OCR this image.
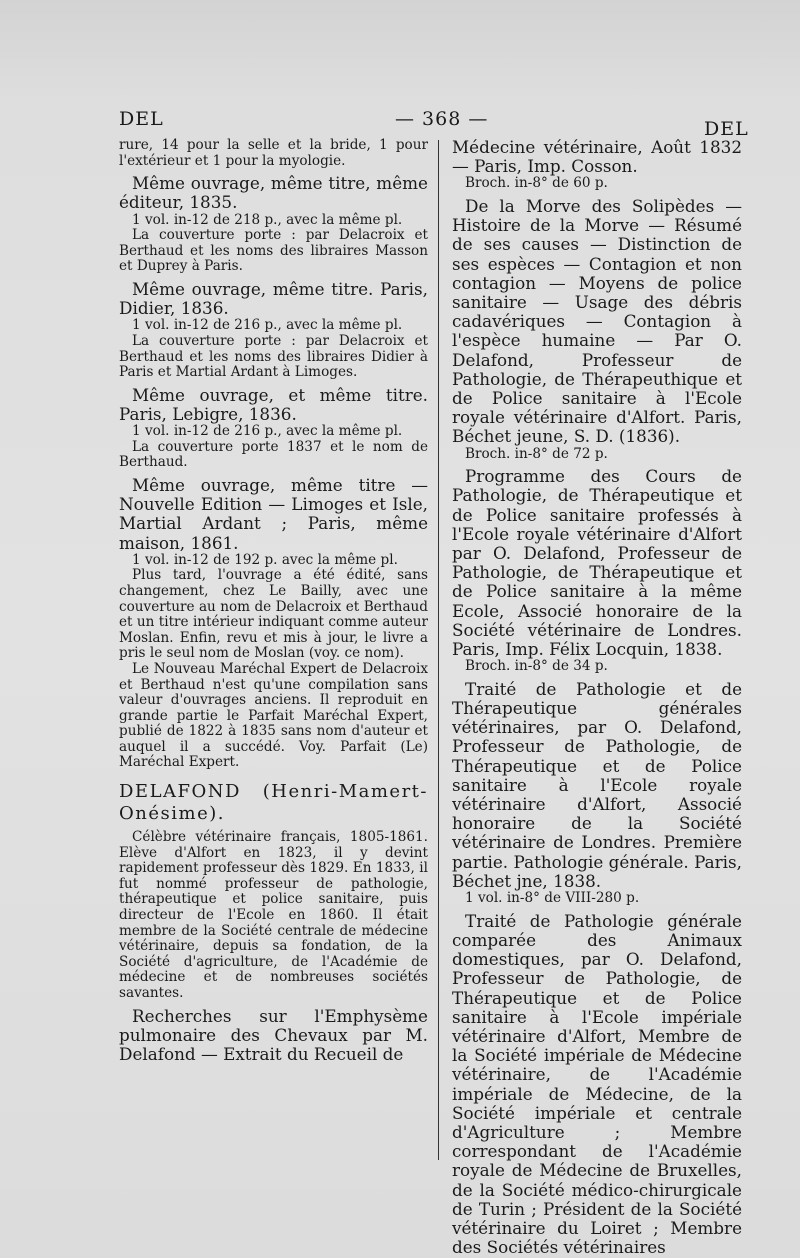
DEL	— 368 —	DEL

rure, 14 pour la selle et la bride, 1 pour l'extérieur et 1 pour la myologie.

Même ouvrage, même titre, même éditeur, 1835.

1 vol. in-12 de 218 p., avec la même pl.

La couverture porte : par Delacroix et Berthaud et les noms des libraires Masson et Duprey à Paris.

Même ouvrage, même titre. Paris, Didier, 1836.

1 vol. in-12 de 216 p., avec la même pl.

La couverture porte : par Delacroix et Berthaud et les noms des libraires Didier à Paris et Martial Ardant à Limoges.

Même ouvrage, et même titre. Paris, Lebigre, 1836.

1 vol. in-12 de 216 p., avec la même pl.

La couverture porte 1837 et le nom de Berthaud.

Même ouvrage, même titre — Nouvelle Edition — Limoges et Isle, Martial Ardant ; Paris, même maison, 1861.

1 vol. in-12 de 192 p. avec la même pl.

Plus tard, l'ouvrage a été édité, sans changement, chez Le Bailly, avec une couverture au nom de Delacroix et Berthaud et un titre intérieur indiquant comme auteur Moslan. Enfin, revu et mis à jour, le livre a pris le seul nom de Moslan (voy. ce nom).

Le Nouveau Maréchal Expert de Delacroix et Berthaud n'est qu'une compilation sans valeur d'ouvrages anciens. Il reproduit en grande partie le Parfait Maréchal Expert, publié de 1822 à 1835 sans nom d'auteur et auquel il a succédé. Voy. Parfait (Le) Maréchal Expert.

DELAFOND (Henri-Mamert-Onésime).

Célèbre vétérinaire français, 1805-1861. Elève d'Alfort en 1823, il y devint rapidement professeur dès 1829. En 1833, il fut nommé professeur de pathologie, thérapeutique et police sanitaire, puis directeur de l'Ecole en 1860. Il était membre de la Société centrale de médecine vétérinaire, depuis sa fondation, de la Société d'agriculture, de l'Académie de médecine et de nombreuses sociétés savantes.

Recherches sur l'Emphysème pulmonaire des Chevaux par M. Delafond — Extrait du Recueil de

Médecine vétérinaire, Août 1832 — Paris, Imp. Cosson.

Broch. in-8° de 60 p.

De la Morve des Solipèdes — Histoire de la Morve — Résumé de ses causes — Distinction de ses espèces — Contagion et non contagion — Moyens de police sanitaire — Usage des débris cadavériques — Contagion à l'espèce humaine — Par O. Delafond, Professeur de Pathologie, de Thérapeuthique et de Police sanitaire à l'Ecole royale vétérinaire d'Alfort. Paris, Béchet jeune, S. D. (1836).

Broch. in-8° de 72 p.

Programme des Cours de Pathologie, de Thérapeutique et de Police sanitaire professés à l'Ecole royale vétérinaire d'Alfort par O. Delafond, Professeur de Pathologie, de Thérapeutique et de Police sanitaire à la même Ecole, Associé honoraire de la Société vétérinaire de Londres. Paris, Imp. Félix Locquin, 1838.

Broch. in-8° de 34 p.

Traité de Pathologie et de Thérapeutique générales vétérinaires, par O. Delafond, Professeur de Pathologie, de Thérapeutique et de Police sanitaire à l'Ecole royale vétérinaire d'Alfort, Associé honoraire de la Société vétérinaire de Londres. Première partie. Pathologie générale. Paris, Béchet jne, 1838.

1 vol. in-8° de VIII-280 p.

Traité de Pathologie générale comparée des Animaux domestiques, par O. Delafond, Professeur de Pathologie, de Thérapeutique et de Police sanitaire à l'Ecole impériale vétérinaire d'Alfort, Membre de la Société impériale de Médecine vétérinaire, de l'Académie impériale de Médecine, de la Société impériale et centrale d'Agriculture ; Membre correspondant de l'Académie royale de Médecine de Bruxelles, de la Société médico-chirurgicale de Turin ; Président de la Société vétérinaire du Loiret ; Membre des Sociétés vétérinaires
